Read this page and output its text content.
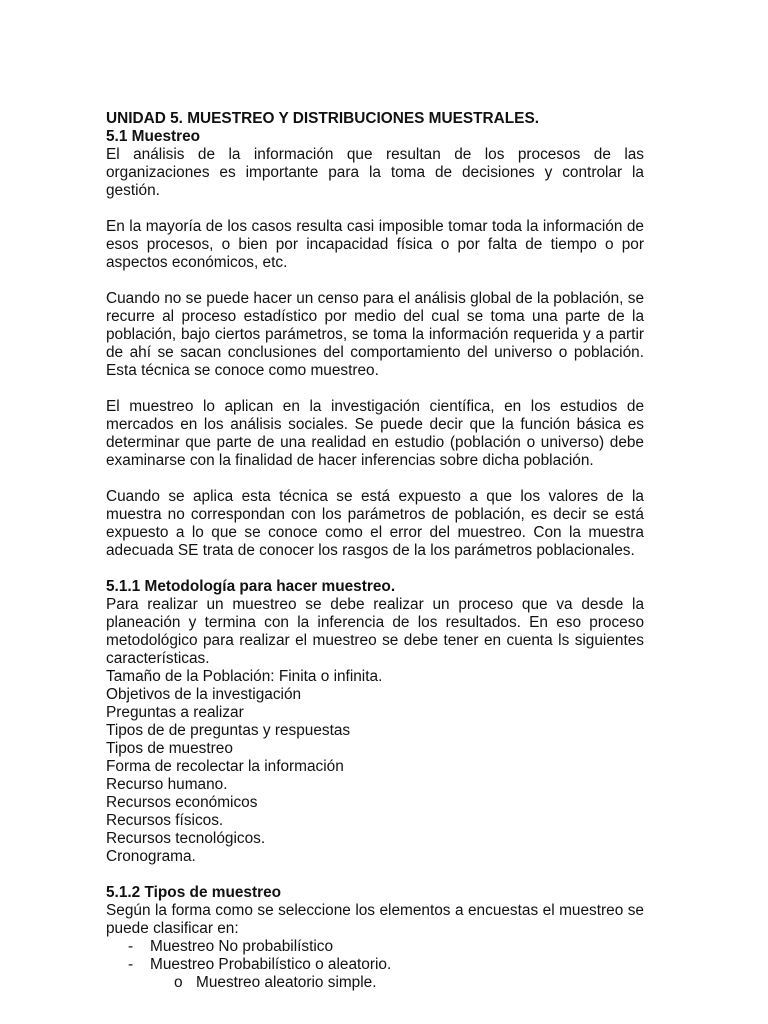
UNIDAD 5. MUESTREO Y DISTRIBUCIONES MUESTRALES.
5.1 Muestreo

El análisis de la información que resultan de los procesos de las organizaciones es importante para la toma de decisiones y controlar la gestión.

En la mayoría de los casos resulta casi imposible tomar toda la información de esos procesos, o bien por incapacidad física o por falta de tiempo o por aspectos económicos, etc.

Cuando no se puede hacer un censo para el análisis global de la población, se recurre al proceso estadístico por medio del cual se toma una parte de la población, bajo ciertos parámetros, se toma la información requerida y a partir de ahí se sacan conclusiones del comportamiento del universo o población. Esta técnica se conoce como muestreo.

El muestreo lo aplican en la investigación científica, en los estudios de mercados en los análisis sociales. Se puede decir que la función básica es determinar que parte de una realidad en estudio (población o universo) debe examinarse con la finalidad de hacer inferencias sobre dicha población.

Cuando se aplica esta técnica se está expuesto a que los valores de la muestra no correspondan con los parámetros de población, es decir se está expuesto a lo que se conoce como el error del muestreo. Con la muestra adecuada SE trata de conocer los rasgos de la los parámetros poblacionales.

5.1.1 Metodología para hacer muestreo.

Para realizar un muestreo se debe realizar un proceso que va desde la planeación y termina con la inferencia de los resultados. En eso proceso metodológico para realizar el muestreo se debe tener en cuenta ls siguientes características.

Tamaño de la Población: Finita o infinita.
Objetivos de la investigación
Preguntas a realizar
Tipos de de preguntas y respuestas
Tipos de muestreo
Forma de recolectar la información
Recurso humano.
Recursos económicos
Recursos físicos.
Recursos tecnológicos.
Cronograma.
5.1.2 Tipos de muestreo

Según la forma como se seleccione los elementos a encuestas el muestreo se puede clasificar en:

- Muestreo No probabilístico
- Muestreo Probabilístico o aleatorio.
o Muestreo aleatorio simple.
